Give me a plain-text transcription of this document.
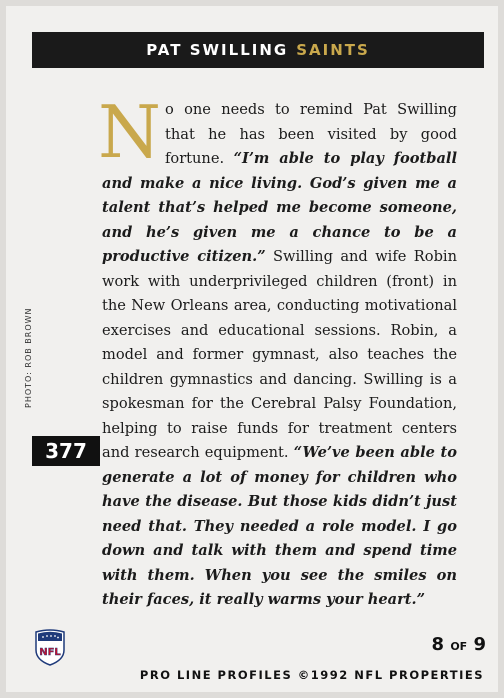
PAT SWILLING SAINTS
PHOTO: ROB BROWN
377
No one needs to remind Pat Swilling that he has been visited by good fortune. “I’m able to play football and make a nice living. God’s given me a talent that’s helped me become someone, and he’s given me a chance to be a productive citizen.” Swilling and wife Robin work with underprivileged children (front) in the New Orleans area, conducting motivational exercises and educational sessions. Robin, a model and former gymnast, also teaches the children gymnastics and dancing. Swilling is a spokesman for the Cerebral Palsy Foundation, helping to raise funds for treatment centers and research equipment. “We’ve been able to generate a lot of money for children who have the disease. But those kids didn’t just need that. They needed a role model. I go down and talk with them and spend time with them. When you see the smiles on their faces, it really warms your heart.”
NFL	8 OF 9
PRO LINE PROFILES ©1992 NFL PROPERTIES
